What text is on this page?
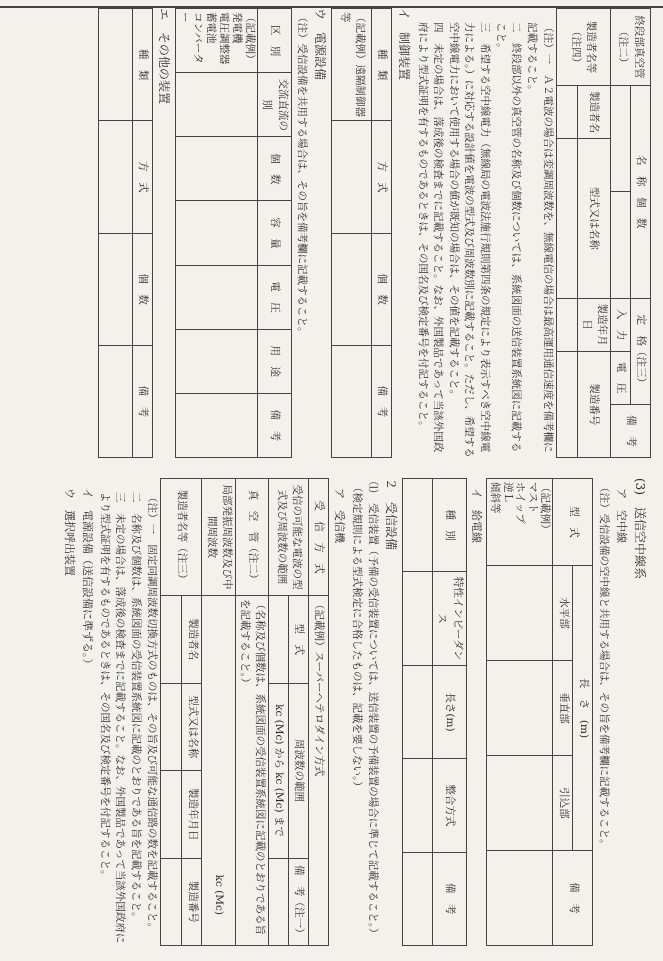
終段部真空管（注二）	名　称　個　数			定　格（注三）		備　考
				入　力	電　圧	
製造者名等（注四）	製造者名	型式又は名称		製造年月日	製造番号	

（注）一　Ａ２電波の場合は変調周波数を、無線電信の場合は最高運用通信速度を備考欄に記載すること。
二　終段部以外の真空管の名称及び個数については、系統図面の送信装置系統図に記載すること。
三　希望する空中線電力（無線局の電波法施行規則第四条の規定により表示すべき空中線電力による。）に対応する設計値を電波の型式及び周波数別に記載すること。ただし、希望する空中線電力において使用する場合の値が既知の場合は、その値を記載すること。
四　未定の場合は、落成後の検査までに記載すること。なお、外国製品であって当該外国政府により型式証明を有するものであるときは、その国名及び検定番号を付記すること。
イ　制御装置
種　類	方　式	個　数	備　考
（記載例）遠隔制御器等			
ウ　電源設備
（注）受信設備を共用する場合は、その旨を備考欄に記載すること。
区　別	交流直流の別	個　数	容　量	電　圧	用　途	備　考

（記載例）
発電機
電圧調整器
蓄電池
コンバーター						

エ　その他の装置
種　類	方　式	個　数	備　考

(3)　送信空中線系
ア　空中線
（注）受信設備の空中線と共用する場合は、その旨を備考欄に記載すること。
型　式	長　さ　(m)			備　考
	水平部	垂直部	引込部	

（記載例）
マスト
ホイップ
逆Ｌ
傾斜等				

イ　給電線
種　別	特性インピーダンス	長さ(m)	整合方式	備　考

２　受信設備
⑴　受信装置（予備の受信装置については、送信装置の予備装置の場合に準じて記載すること。）（検定規則による型式検定に合格したものは、記載を要しない。）
ア　受信機
受　信　方　式	（記載例）スーパーヘテロダイン方式			
受信の可能な電波の型式及び周波数の範囲	型　式	周波数の範囲		備　考（注一）
		kc (Mc) から kc (Mc) まで		
真　空　管（注二）	（名称及び個数は、系統図面の受信装置系統図に記載のとおりである旨を記載すること。）			
局部発振周波数及び中間周波数	kc (Mc)			
製造者名等（注三）	製造者名	型式又は名称	製造年月日	製造番号

（注）一　固定同調周波数切換方式のものは、その旨及び可能な通信路の数を記載すること。
二　名称及び個数は、系統図面の受信装置系統図に記載のとおりである旨を記載すること。
三　未定の場合は、落成後の検査までに記載すること。なお、外国製品であって当該外国政府により型式証明を有するものであるときは、その国名及び検定番号を付記すること。
イ　電源設備（送信設備に準ずる。）
ウ　選択呼出装置
